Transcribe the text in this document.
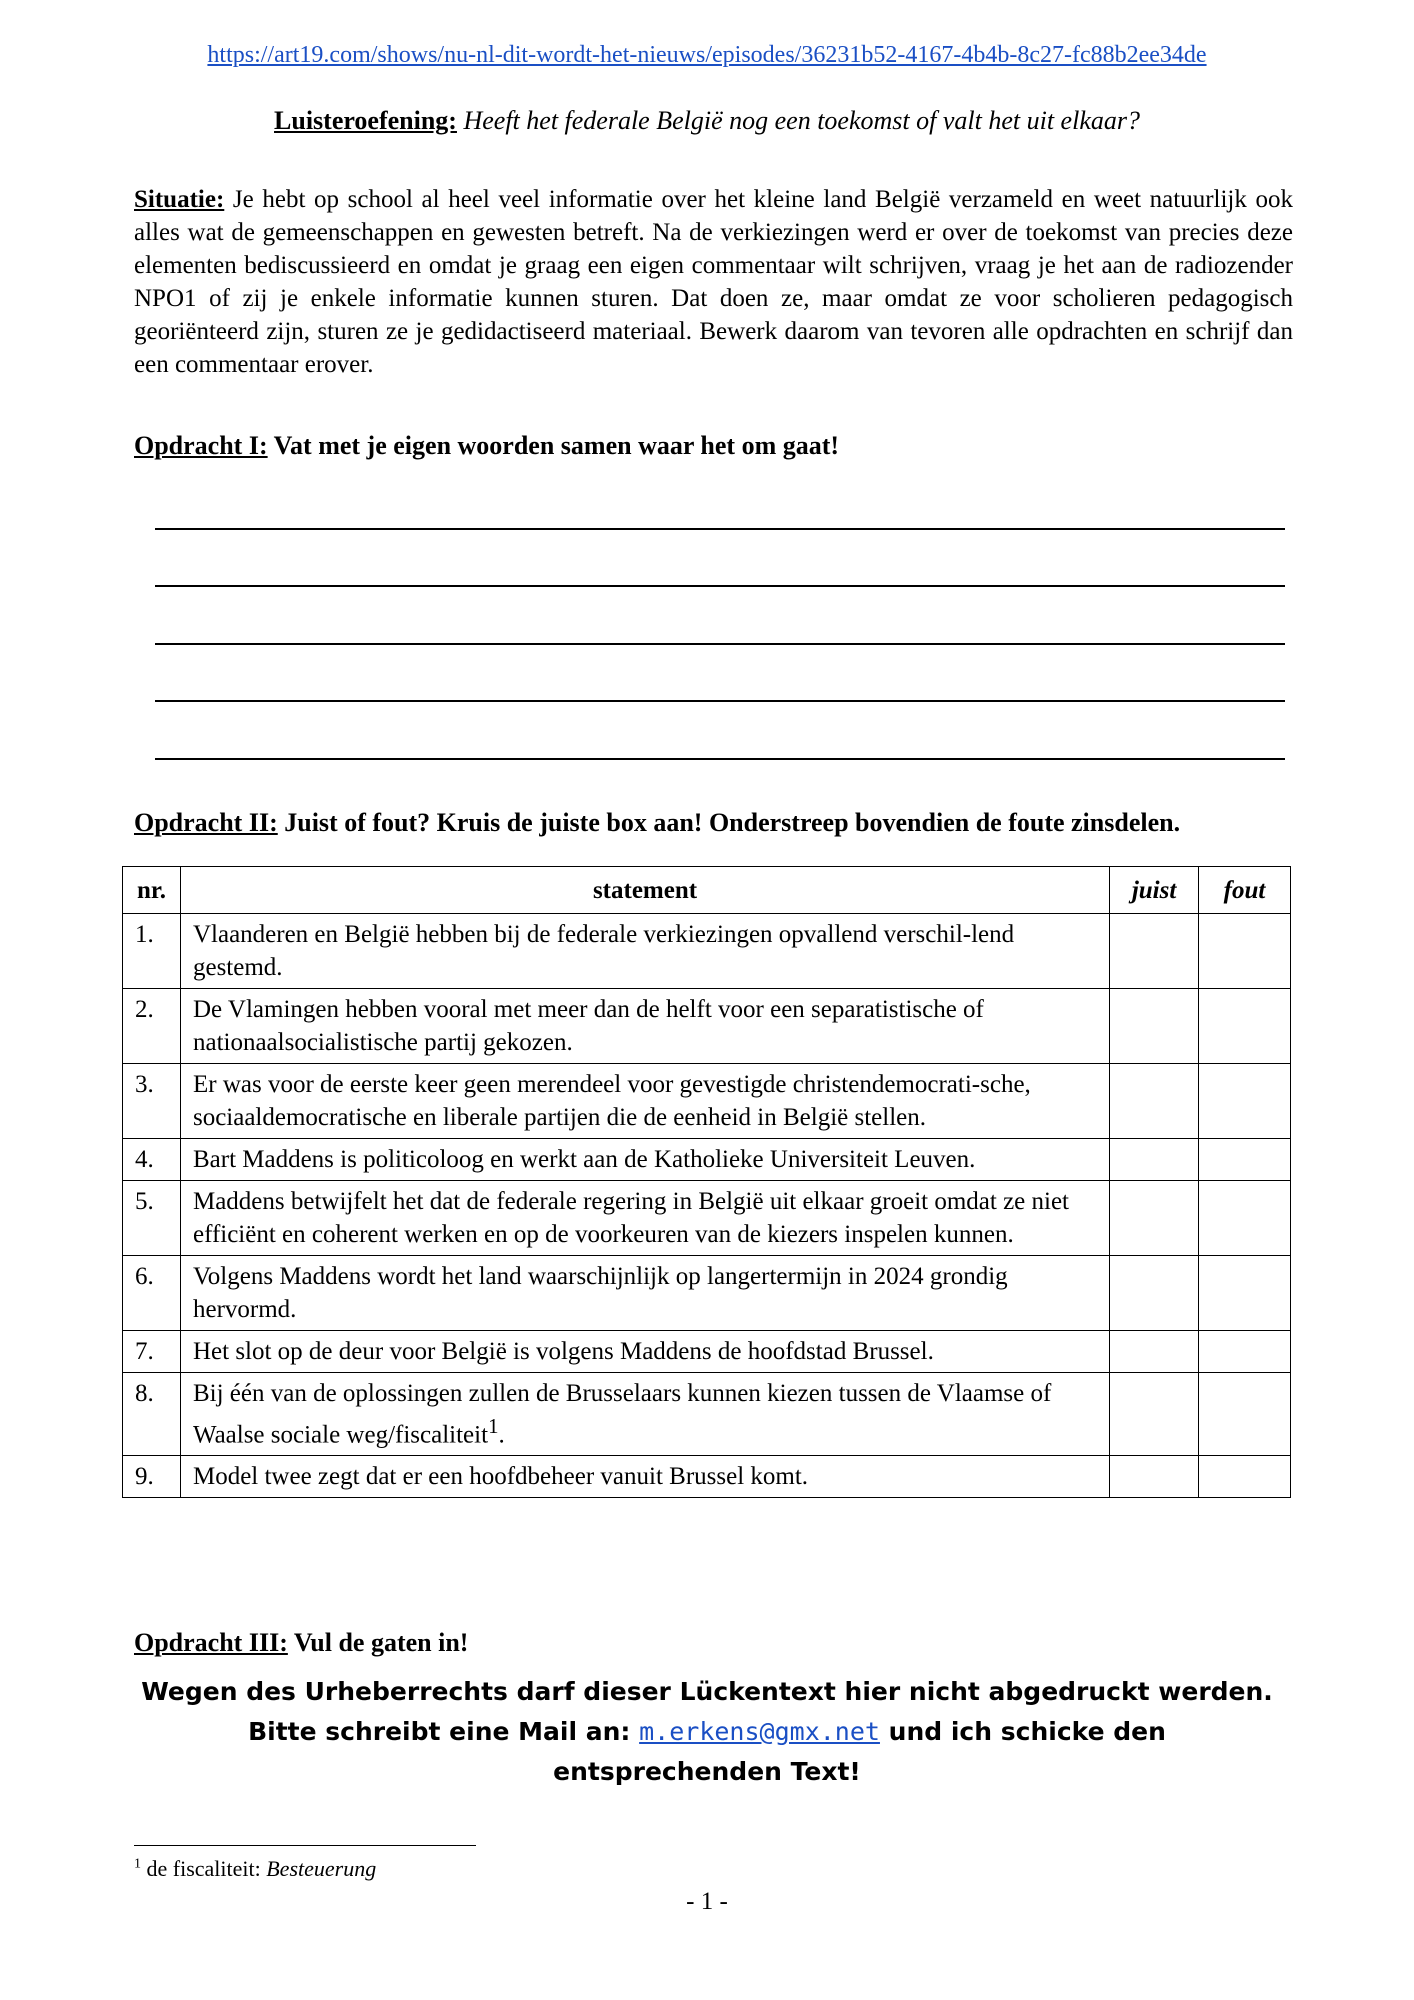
https://art19.com/shows/nu-nl-dit-wordt-het-nieuws/episodes/36231b52-4167-4b4b-8c27-fc88b2ee34de
Luisteroefening: Heeft het federale België nog een toekomst of valt het uit elkaar?
Situatie: Je hebt op school al heel veel informatie over het kleine land België verzameld en weet natuurlijk ook alles wat de gemeenschappen en gewesten betreft. Na de verkiezingen werd er over de toekomst van precies deze elementen bediscussieerd en omdat je graag een eigen commentaar wilt schrijven, vraag je het aan de radiozender NPO1 of zij je enkele informatie kunnen sturen. Dat doen ze, maar omdat ze voor scholieren pedagogisch georiënteerd zijn, sturen ze je gedidactiseerd materiaal. Bewerk daarom van tevoren alle opdrachten en schrijf dan een commentaar erover.
Opdracht I: Vat met je eigen woorden samen waar het om gaat!
Opdracht II: Juist of fout? Kruis de juiste box aan! Onderstreep bovendien de foute zinsdelen.
nr.	statement	juist	fout
1.	Vlaanderen en België hebben bij de federale verkiezingen opvallend verschil-lend gestemd.		
2.	De Vlamingen hebben vooral met meer dan de helft voor een separatistische of nationaalsocialistische partij gekozen.		
3.	Er was voor de eerste keer geen merendeel voor gevestigde christendemocrati-sche, sociaaldemocratische en liberale partijen die de eenheid in België stellen.		
4.	Bart Maddens is politicoloog en werkt aan de Katholieke Universiteit Leuven.		
5.	Maddens betwijfelt het dat de federale regering in België uit elkaar groeit omdat ze niet efficiënt en coherent werken en op de voorkeuren van de kiezers inspelen kunnen.		
6.	Volgens Maddens wordt het land waarschijnlijk op langertermijn in 2024 grondig hervormd.		
7.	Het slot op de deur voor België is volgens Maddens de hoofdstad Brussel.		
8.	Bij één van de oplossingen zullen de Brusselaars kunnen kiezen tussen de Vlaamse of Waalse sociale weg/fiscaliteit$^1$.		
9.	Model twee zegt dat er een hoofdbeheer vanuit Brussel komt.		
Opdracht III: Vul de gaten in!
Wegen des Urheberrechts darf dieser Lückentext hier nicht abgedruckt werden.
Bitte schreibt eine Mail an: m.erkens@gmx.net und ich schicke den
entsprechenden Text!
$^1$ de fiscaliteit: Besteuerung
- 1 -
